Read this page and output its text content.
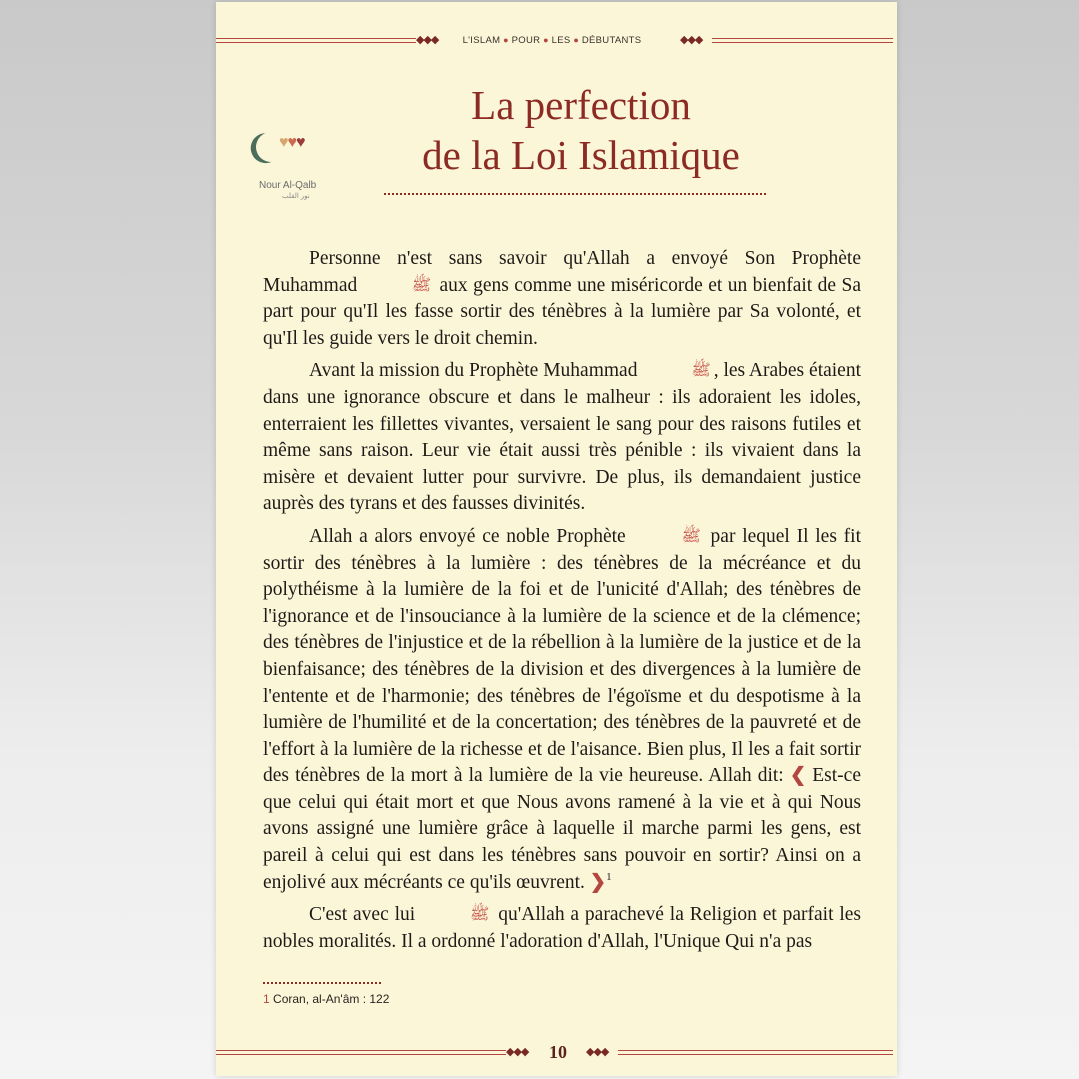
◆◆◆	L'ISLAM ● POUR ● LES ● DÉBUTANTS	◆◆◆
♥♥♥
Nour Al-Qalb
نور القلب
La perfection
de la Loi Islamique

Personne n'est sans savoir qu'Allah a envoyé Son Prophète Muhammad	ﷺ aux gens comme une miséricorde et un bienfait de Sa part pour qu'Il les fasse sortir des ténèbres à la lumière par Sa volonté, et qu'Il les guide vers le droit chemin.

Avant la mission du Prophète Muhammad	ﷺ , les Arabes étaient dans une ignorance obscure et dans le malheur : ils adoraient les idoles, enterraient les fillettes vivantes, versaient le sang pour des raisons futiles et même sans raison. Leur vie était aussi très pénible : ils vivaient dans la misère et devaient lutter pour survivre. De plus, ils demandaient justice auprès des tyrans et des fausses divinités.

Allah a alors envoyé ce noble Prophète	ﷺ par lequel Il les fit sortir des ténèbres à la lumière : des ténèbres de la mécréance et du polythéisme à la lumière de la foi et de l'unicité d'Allah; des ténèbres de l'ignorance et de l'insouciance à la lumière de la science et de la clémence; des ténèbres de l'injustice et de la rébellion à la lumière de la justice et de la bienfaisance; des ténèbres de la division et des divergences à la lumière de l'entente et de l'harmonie; des ténèbres de l'égoïsme et du despotisme à la lumière de l'humilité et de la concertation; des ténèbres de la pauvreté et de l'effort à la lumière de la richesse et de l'aisance. Bien plus, Il les a fait sortir des ténèbres de la mort à la lumière de la vie heureuse. Allah dit: ❮ Est-ce que celui qui était mort et que Nous avons ramené à la vie et à qui Nous avons assigné une lumière grâce à laquelle il marche parmi les gens, est pareil à celui qui est dans les ténèbres sans pouvoir en sortir? Ainsi on a enjolivé aux mécréants ce qu'ils œuvrent. ❯$^1$

C'est avec lui	ﷺ qu'Allah a parachevé la Religion et parfait les nobles moralités. Il a ordonné l'adoration d'Allah, l'Unique Qui n'a pas

1 Coran, al-An'âm : 122
◆◆◆	10	◆◆◆
